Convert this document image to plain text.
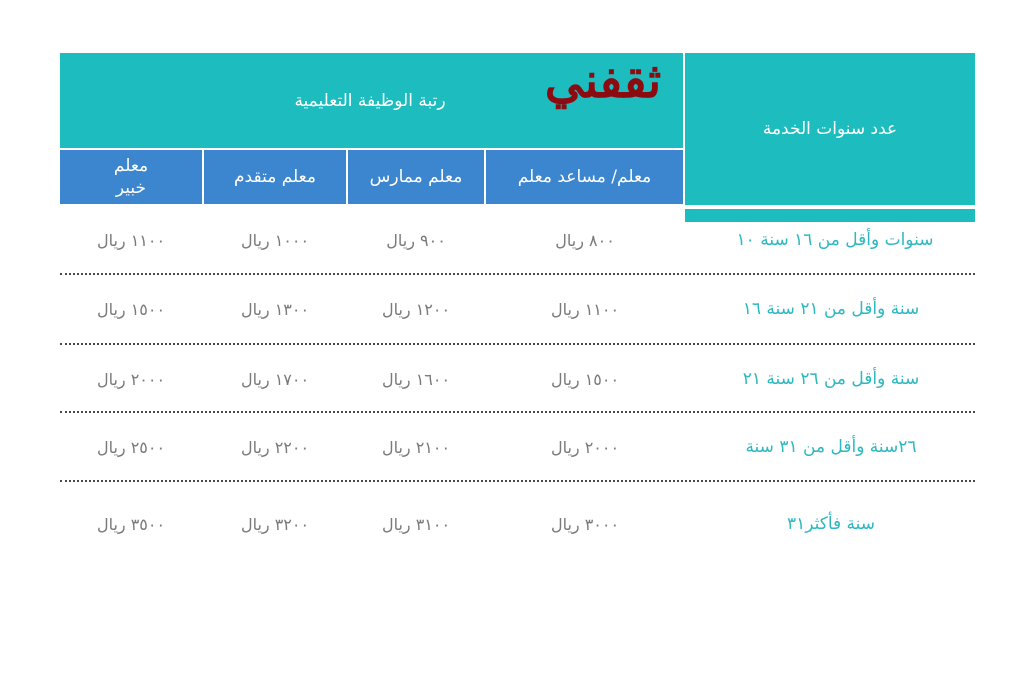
رتبة الوظيفة التعليمية
عدد سنوات الخدمة
ثقفني
معلم/ مساعد معلم
معلم ممارس
معلم متقدم
معلم
خبير
سنوات وأقل من ١٦ سنة ١٠
٨٠٠ ريال
٩٠٠ ريال
١٠٠٠ ريال
١١٠٠ ريال
سنة وأقل من ٢١ سنة ١٦
١١٠٠ ريال
١٢٠٠ ريال
١٣٠٠ ريال
١٥٠٠ ريال
سنة وأقل من ٢٦ سنة ٢١
١٥٠٠ ريال
١٦٠٠ ريال
١٧٠٠ ريال
٢٠٠٠ ريال
٢٦سنة وأقل من ٣١ سنة
٢٠٠٠ ريال
٢١٠٠ ريال
٢٢٠٠ ريال
٢٥٠٠ ريال
سنة فأكثر٣١
٣٠٠٠ ريال
٣١٠٠ ريال
٣٢٠٠ ريال
٣٥٠٠ ريال
